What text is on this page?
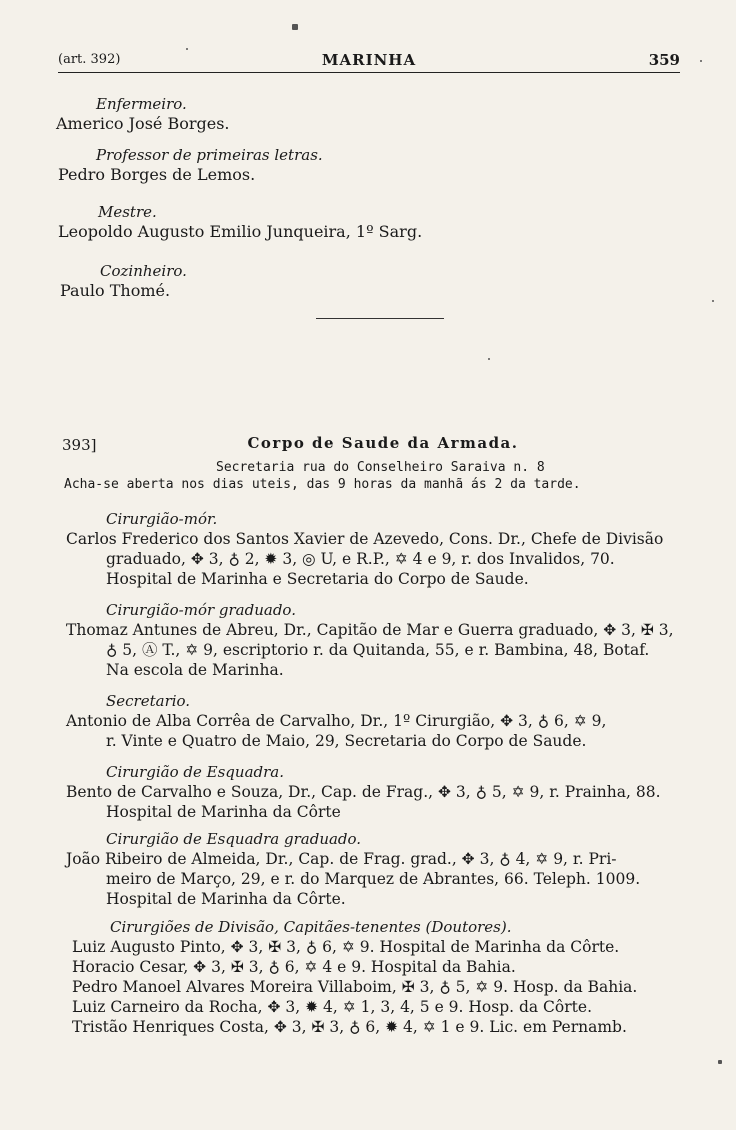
(art. 392)	MARINHA	359
Enfermeiro.
Americo José Borges.
Professor de primeiras letras.
Pedro Borges de Lemos.
Mestre.
Leopoldo Augusto Emilio Junqueira, 1º Sarg.
Cozinheiro.
Paulo Thomé.
393]	Corpo de Saude da Armada.
Secretaria rua do Conselheiro Saraiva n. 8
Acha-se aberta nos dias uteis, das 9 horas da manhã ás 2 da tarde.
Cirurgião-mór.
Carlos Frederico dos Santos Xavier de Azevedo, Cons. Dr., Chefe de Divisão
graduado, ✥ 3, ♁ 2, ✹ 3, ◎ U, e R.P., ✡ 4 e 9, r. dos Invalidos, 70.
Hospital de Marinha e Secretaria do Corpo de Saude.
Cirurgião-mór graduado.
Thomaz Antunes de Abreu, Dr., Capitão de Mar e Guerra graduado, ✥ 3, ✠ 3,
♁ 5, Ⓐ T., ✡ 9, escriptorio r. da Quitanda, 55, e r. Bambina, 48, Botaf.
Na escola de Marinha.
Secretario.
Antonio de Alba Corrêa de Carvalho, Dr., 1º Cirurgião, ✥ 3, ♁ 6, ✡ 9,
r. Vinte e Quatro de Maio, 29, Secretaria do Corpo de Saude.
Cirurgião de Esquadra.
Bento de Carvalho e Souza, Dr., Cap. de Frag., ✥ 3, ♁ 5, ✡ 9, r. Prainha, 88.
Hospital de Marinha da Côrte
Cirurgião de Esquadra graduado.
João Ribeiro de Almeida, Dr., Cap. de Frag. grad., ✥ 3, ♁ 4, ✡ 9, r. Pri-
meiro de Março, 29, e r. do Marquez de Abrantes, 66. Teleph. 1009.
Hospital de Marinha da Côrte.
Cirurgiões de Divisão, Capitães-tenentes (Doutores).
Luiz Augusto Pinto, ✥ 3, ✠ 3, ♁ 6, ✡ 9. Hospital de Marinha da Côrte.
Horacio Cesar, ✥ 3, ✠ 3, ♁ 6, ✡ 4 e 9. Hospital da Bahia.
Pedro Manoel Alvares Moreira Villaboim, ✠ 3, ♁ 5, ✡ 9. Hosp. da Bahia.
Luiz Carneiro da Rocha, ✥ 3, ✹ 4, ✡ 1, 3, 4, 5 e 9. Hosp. da Côrte.
Tristão Henriques Costa, ✥ 3, ✠ 3, ♁ 6, ✹ 4, ✡ 1 e 9. Lic. em Pernamb.
